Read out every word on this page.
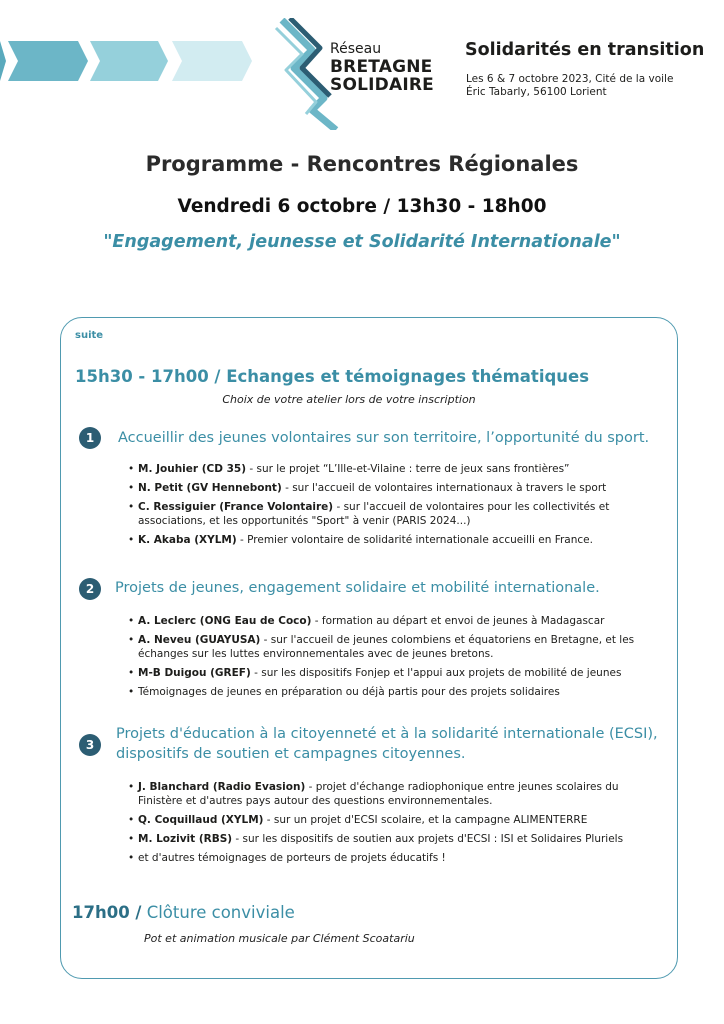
Réseau
BRETAGNE
SOLIDAIRE
Solidarités en transition
Les 6 & 7 octobre 2023, Cité de la voile
Éric Tabarly, 56100 Lorient
Programme - Rencontres Régionales
Vendredi 6 octobre / 13h30 - 18h00
"Engagement, jeunesse et Solidarité Internationale"
suite
15h30 - 17h00 / Echanges et témoignages thématiques
Choix de votre atelier lors de votre inscription
1	Accueillir des jeunes volontaires sur son territoire, l’opportunité du sport.
• M. Jouhier (CD 35) - sur le projet “L’Ille-et-Vilaine : terre de jeux sans frontières”
• N. Petit (GV Hennebont) - sur l'accueil de volontaires internationaux à travers le sport
• C. Ressiguier (France Volontaire) - sur l'accueil de volontaires pour les collectivités et associations, et les opportunités "Sport" à venir (PARIS 2024...)
• K. Akaba (XYLM) - Premier volontaire de solidarité internationale accueilli en France.
2	Projets de jeunes, engagement solidaire et mobilité internationale.
• A. Leclerc (ONG Eau de Coco) - formation au départ et envoi de jeunes à Madagascar
• A. Neveu (GUAYUSA) - sur l'accueil de jeunes colombiens et équatoriens en Bretagne, et les échanges sur les luttes environnementales avec de jeunes bretons.
• M-B Duigou (GREF) - sur les dispositifs Fonjep et l'appui aux projets de mobilité de jeunes
• Témoignages de jeunes en préparation ou déjà partis pour des projets solidaires
3
Projets d'éducation à la citoyenneté et à la solidarité internationale (ECSI), dispositifs de soutien et campagnes citoyennes.
• J. Blanchard (Radio Evasion) - projet d'échange radiophonique entre jeunes scolaires du Finistère et d'autres pays autour des questions environnementales.
• Q. Coquillaud (XYLM) - sur un projet d'ECSI scolaire, et la campagne ALIMENTERRE
• M. Lozivit (RBS) - sur les dispositifs de soutien aux projets d'ECSI : ISI et Solidaires Pluriels
• et d'autres témoignages de porteurs de projets éducatifs !
17h00 / Clôture conviviale
Pot et animation musicale par Clément Scoatariu
